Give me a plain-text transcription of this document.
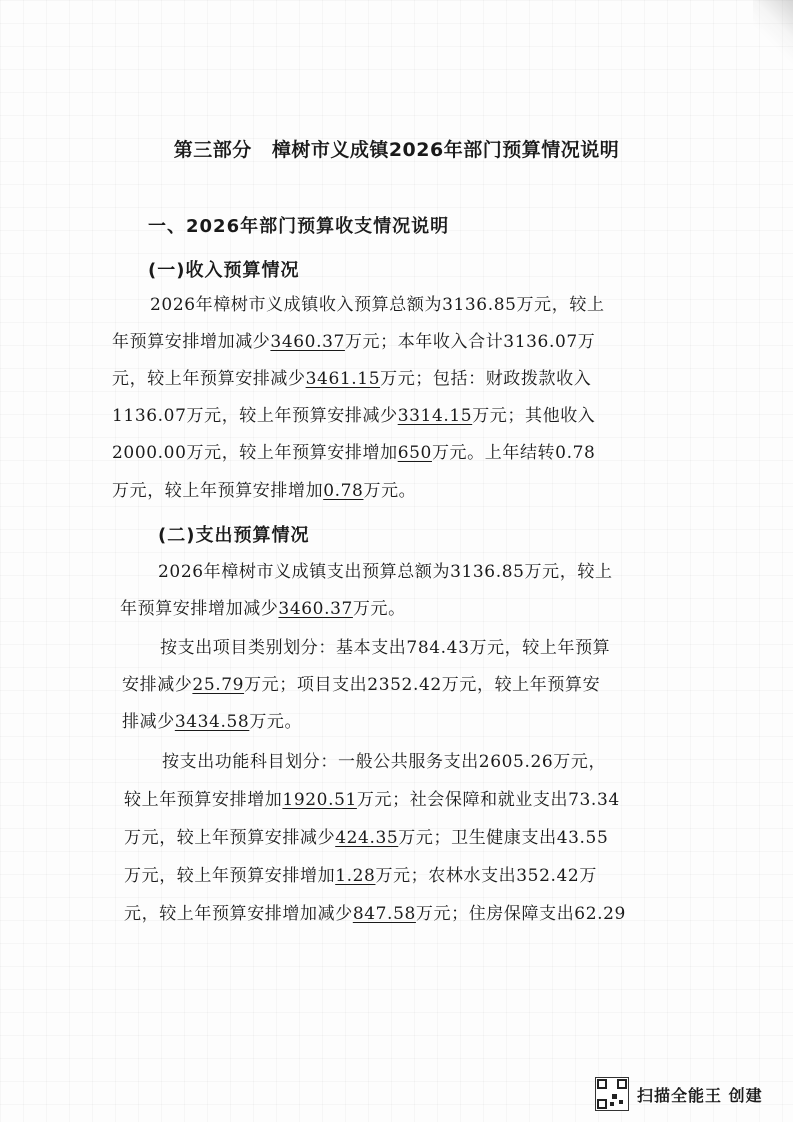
第三部分 樟树市义成镇2026年部门预算情况说明
一、2026年部门预算收支情况说明
(一)收入预算情况
2026年樟树市义成镇收入预算总额为3136.85万元，较上
年预算安排增加减少3460.37万元；本年收入合计3136.07万
元，较上年预算安排减少3461.15万元；包括：财政拨款收入
1136.07万元，较上年预算安排减少3314.15万元；其他收入
2000.00万元，较上年预算安排增加650万元。上年结转0.78
万元，较上年预算安排增加0.78万元。
(二)支出预算情况
2026年樟树市义成镇支出预算总额为3136.85万元，较上
年预算安排增加减少3460.37万元。
按支出项目类别划分：基本支出784.43万元，较上年预算
安排减少25.79万元；项目支出2352.42万元，较上年预算安
排减少3434.58万元。
按支出功能科目划分：一般公共服务支出2605.26万元，
较上年预算安排增加1920.51万元；社会保障和就业支出73.34
万元，较上年预算安排减少424.35万元；卫生健康支出43.55
万元，较上年预算安排增加1.28万元；农林水支出352.42万
元，较上年预算安排增加减少847.58万元；住房保障支出62.29
扫描全能王 创建
